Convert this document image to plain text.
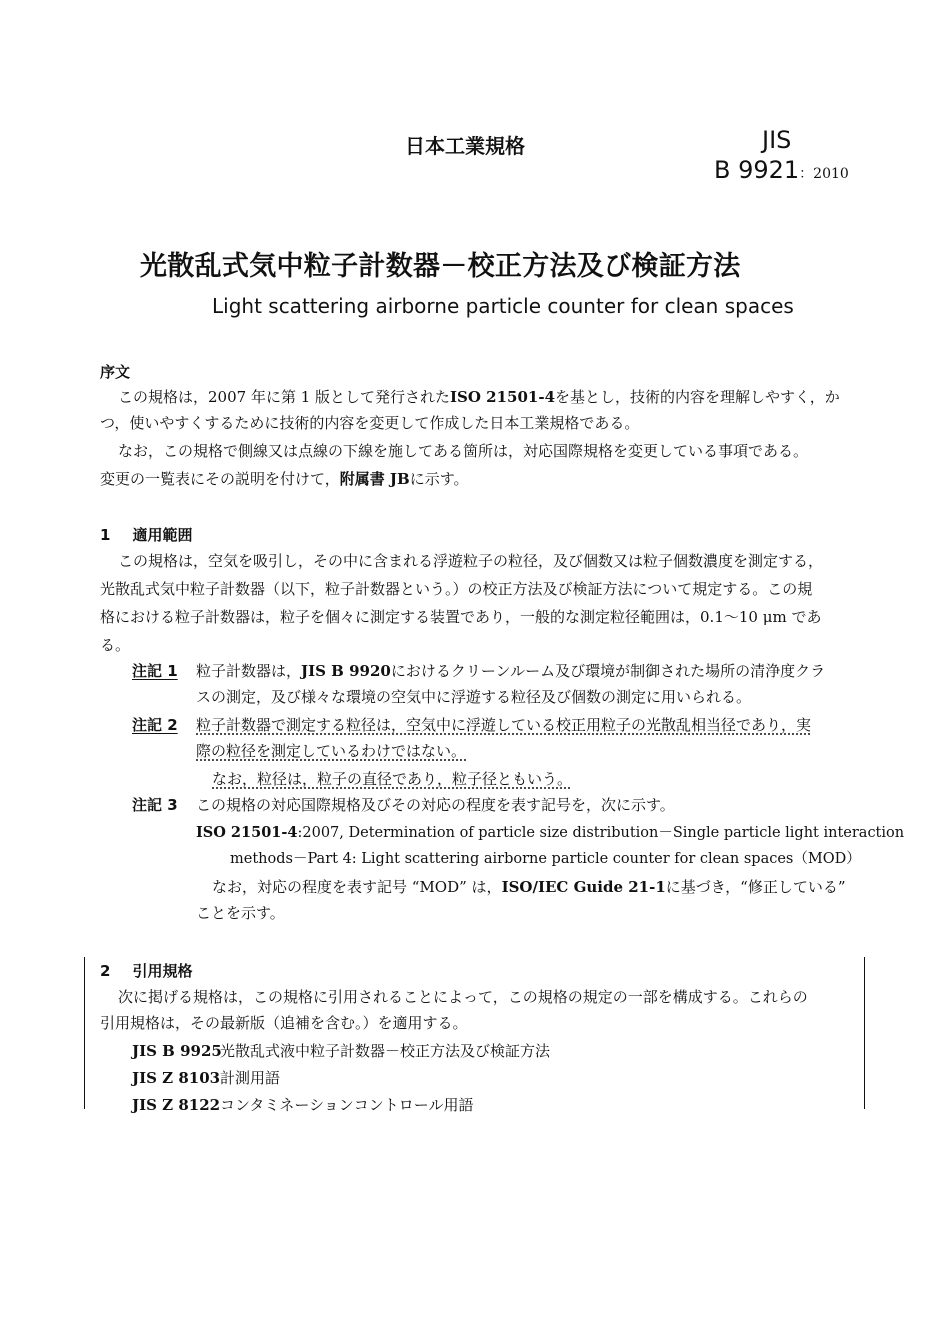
日本工業規格	JIS
B 9921：2010
光散乱式気中粒子計数器－校正方法及び検証方法
Light scattering airborne particle counter for clean spaces
序文
この規格は，2007 年に第 1 版として発行されたISO 21501-4を基とし，技術的内容を理解しやすく，か
つ，使いやすくするために技術的内容を変更して作成した日本工業規格である。
なお，この規格で側線又は点線の下線を施してある箇所は，対応国際規格を変更している事項である。
変更の一覧表にその説明を付けて，附属書 JBに示す。
1 適用範囲
この規格は，空気を吸引し，その中に含まれる浮遊粒子の粒径，及び個数又は粒子個数濃度を測定する，
光散乱式気中粒子計数器（以下，粒子計数器という。）の校正方法及び検証方法について規定する。この規
格における粒子計数器は，粒子を個々に測定する装置であり，一般的な測定粒径範囲は，0.1～10 μm であ
る。
注記 1 粒子計数器は，JIS B 9920におけるクリーンルーム及び環境が制御された場所の清浄度クラ
スの測定，及び様々な環境の空気中に浮遊する粒径及び個数の測定に用いられる。
注記 2 粒子計数器で測定する粒径は，空気中に浮遊している校正用粒子の光散乱相当径であり，実
際の粒径を測定しているわけではない。
なお，粒径は，粒子の直径であり，粒子径ともいう。
注記 3 この規格の対応国際規格及びその対応の程度を表す記号を，次に示す。
ISO 21501-4:2007, Determination of particle size distribution－Single particle light interaction
methods－Part 4: Light scattering airborne particle counter for clean spaces（MOD）
なお，対応の程度を表す記号 “MOD” は，ISO/IEC Guide 21-1に基づき，“修正している”
ことを示す。
2 引用規格
次に掲げる規格は，この規格に引用されることによって，この規格の規定の一部を構成する。これらの
引用規格は，その最新版（追補を含む。）を適用する。
JIS B 9925光散乱式液中粒子計数器－校正方法及び検証方法
JIS Z 8103計測用語
JIS Z 8122コンタミネーションコントロール用語
